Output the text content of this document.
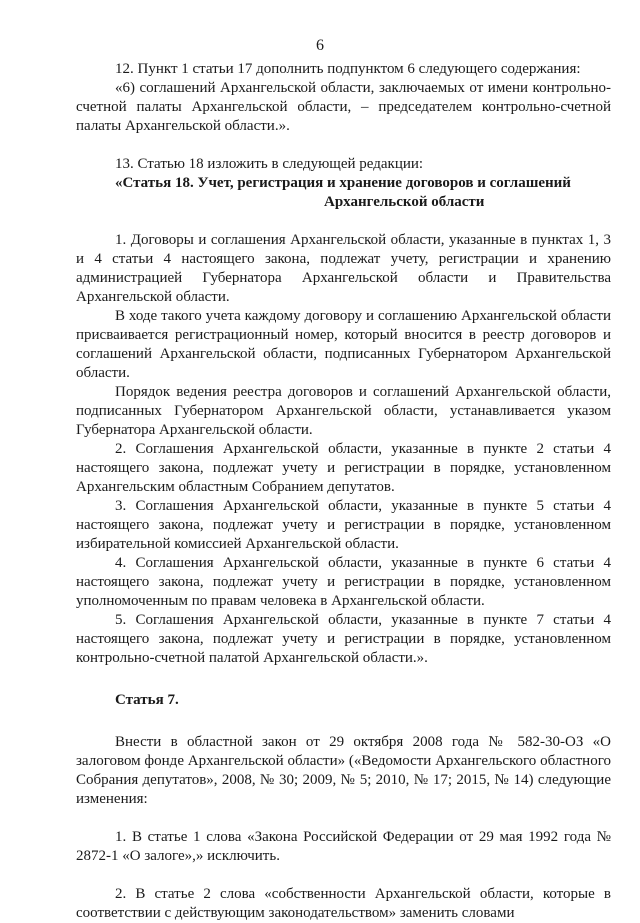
6

12. Пункт 1 статьи 17 дополнить подпунктом 6 следующего содержания:

«6) соглашений Архангельской области, заключаемых от имени контрольно-счетной палаты Архангельской области, – председателем контрольно-счетной палаты Архангельской области.».

13. Статью 18 изложить в следующей редакции:

«Статья 18. Учет, регистрация и хранение договоров и соглашений
Архангельской области

1. Договоры и соглашения Архангельской области, указанные в пунктах 1, 3 и 4 статьи 4 настоящего закона, подлежат учету, регистрации и хранению администрацией Губернатора Архангельской области и Правительства Архангельской области.

В ходе такого учета каждому договору и соглашению Архангельской области присваивается регистрационный номер, который вносится в реестр договоров и соглашений Архангельской области, подписанных Губернатором Архангельской области.

Порядок ведения реестра договоров и соглашений Архангельской области, подписанных Губернатором Архангельской области, устанавливается указом Губернатора Архангельской области.

2. Соглашения Архангельской области, указанные в пункте 2 статьи 4 настоящего закона, подлежат учету и регистрации в порядке, установленном Архангельским областным Собранием депутатов.

3. Соглашения Архангельской области, указанные в пункте 5 статьи 4 настоящего закона, подлежат учету и регистрации в порядке, установленном избирательной комиссией Архангельской области.

4. Соглашения Архангельской области, указанные в пункте 6 статьи 4 настоящего закона, подлежат учету и регистрации в порядке, установленном уполномоченным по правам человека в Архангельской области.

5. Соглашения Архангельской области, указанные в пункте 7 статьи 4 настоящего закона, подлежат учету и регистрации в порядке, установленном контрольно-счетной палатой Архангельской области.».

Статья 7.

Внести в областной закон от 29 октября 2008 года № 582-30-ОЗ «О залоговом фонде Архангельской области» («Ведомости Архангельского областного Собрания депутатов», 2008, № 30; 2009, № 5; 2010, № 17; 2015, № 14) следующие изменения:

1. В статье 1 слова «Закона Российской Федерации от 29 мая 1992 года № 2872-1 «О залоге»,» исключить.

2. В статье 2 слова «собственности Архангельской области, которые в соответствии с действующим законодательством» заменить словами
